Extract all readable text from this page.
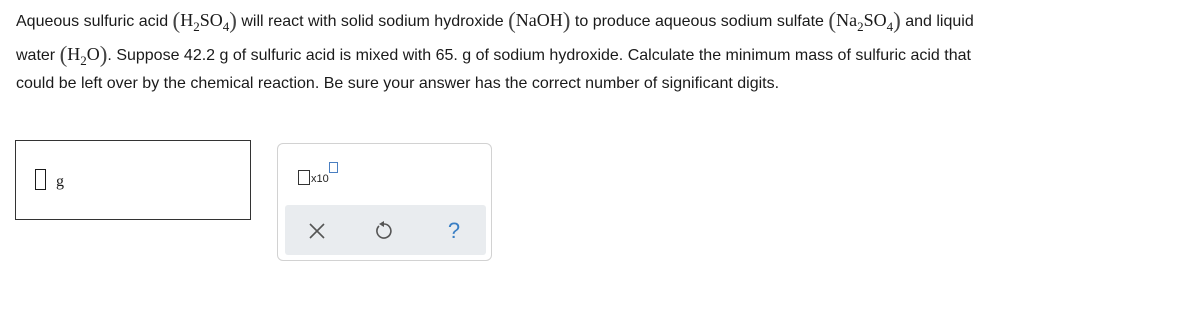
Aqueous sulfuric acid $(H_2SO_4)$ will react with solid sodium hydroxide (NaOH) to produce aqueous sodium sulfate $(Na_2SO_4)$ and liquid
water $(H_2O)$. Suppose 42.2 g of sulfuric acid is mixed with 65. g of sodium hydroxide. Calculate the minimum mass of sulfuric acid that
could be left over by the chemical reaction. Be sure your answer has the correct number of significant digits.
g	x10
?
